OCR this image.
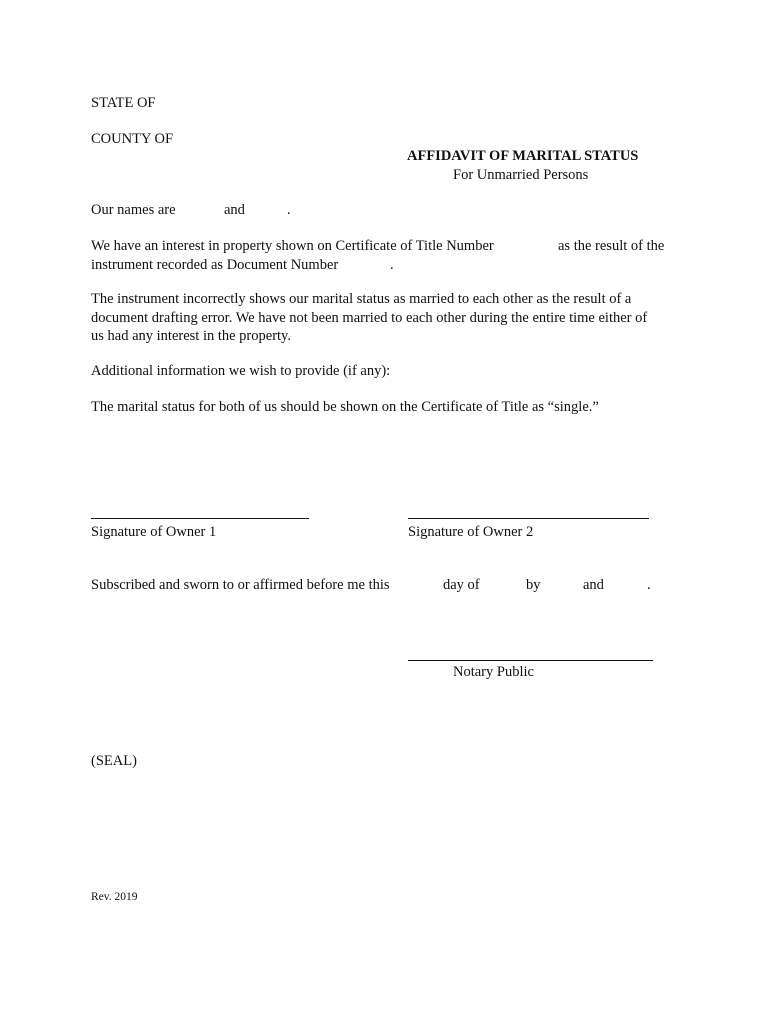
STATE OF
COUNTY OF
AFFIDAVIT OF MARITAL STATUS
For Unmarried Persons
Our names are	and	.
We have an interest in property shown on Certificate of Title Number	as the result of the
instrument recorded as Document Number	.
The instrument incorrectly shows our marital status as married to each other as the result of a
document drafting error. We have not been married to each other during the entire time either of
us had any interest in the property.
Additional information we wish to provide (if any):
The marital status for both of us should be shown on the Certificate of Title as “single.”
Signature of Owner 1	Signature of Owner 2
Subscribed and sworn to or affirmed before me this	day of	by	and	.
Notary Public
(SEAL)
Rev. 2019
